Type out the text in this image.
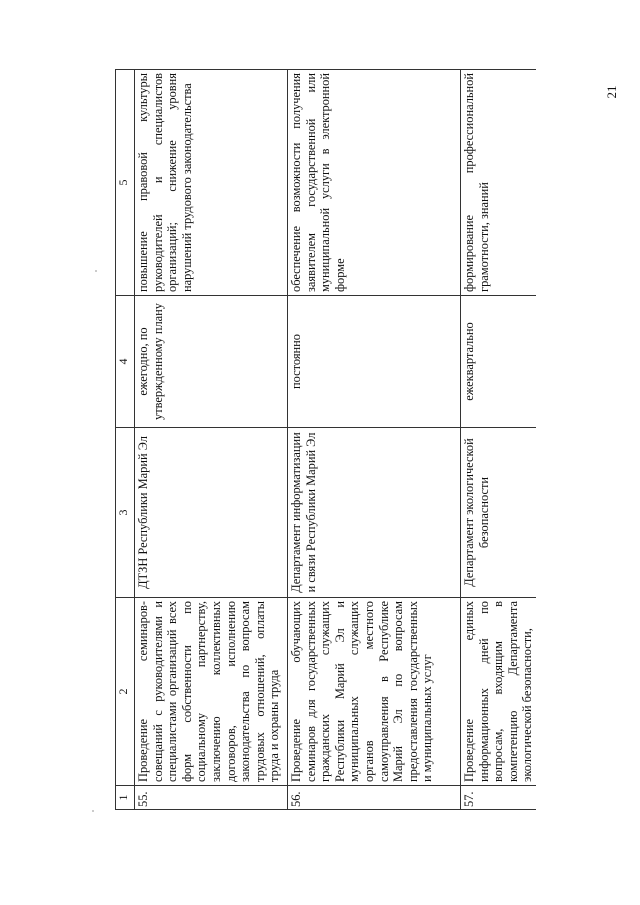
21
1	2	3	4	5
55.	Проведение семинаров-совещаний с руководителями и специалистами организаций всех форм собственности по социальному партнерству, заключению коллективных договоров, исполнению законодательства по вопросам трудовых отношений, оплаты труда и охраны труда	ДТЗН Республики Марий Эл	ежегодно, по утвержденному плану	повышение правовой культуры руководителей и специалистов организаций; снижение уровня нарушений трудового законодательства
56.	Проведение обучающих семинаров для государственных гражданских служащих Республики Марий Эл и муниципальных служащих органов местного самоуправления в Республике Марий Эл по вопросам предоставления государственных и муниципальных услуг	Департамент информатизации и связи Республики Марий Эл	постоянно	обеспечение возможности получения заявителем государственной или муниципальной услуги в электронной форме
57.	Проведение единых информационных дней по вопросам, входящим в компетенцию Департамента экологической безопасности,	Департамент экологической безопасности	ежеквартально	формирование профессиональной грамотности, знаний
